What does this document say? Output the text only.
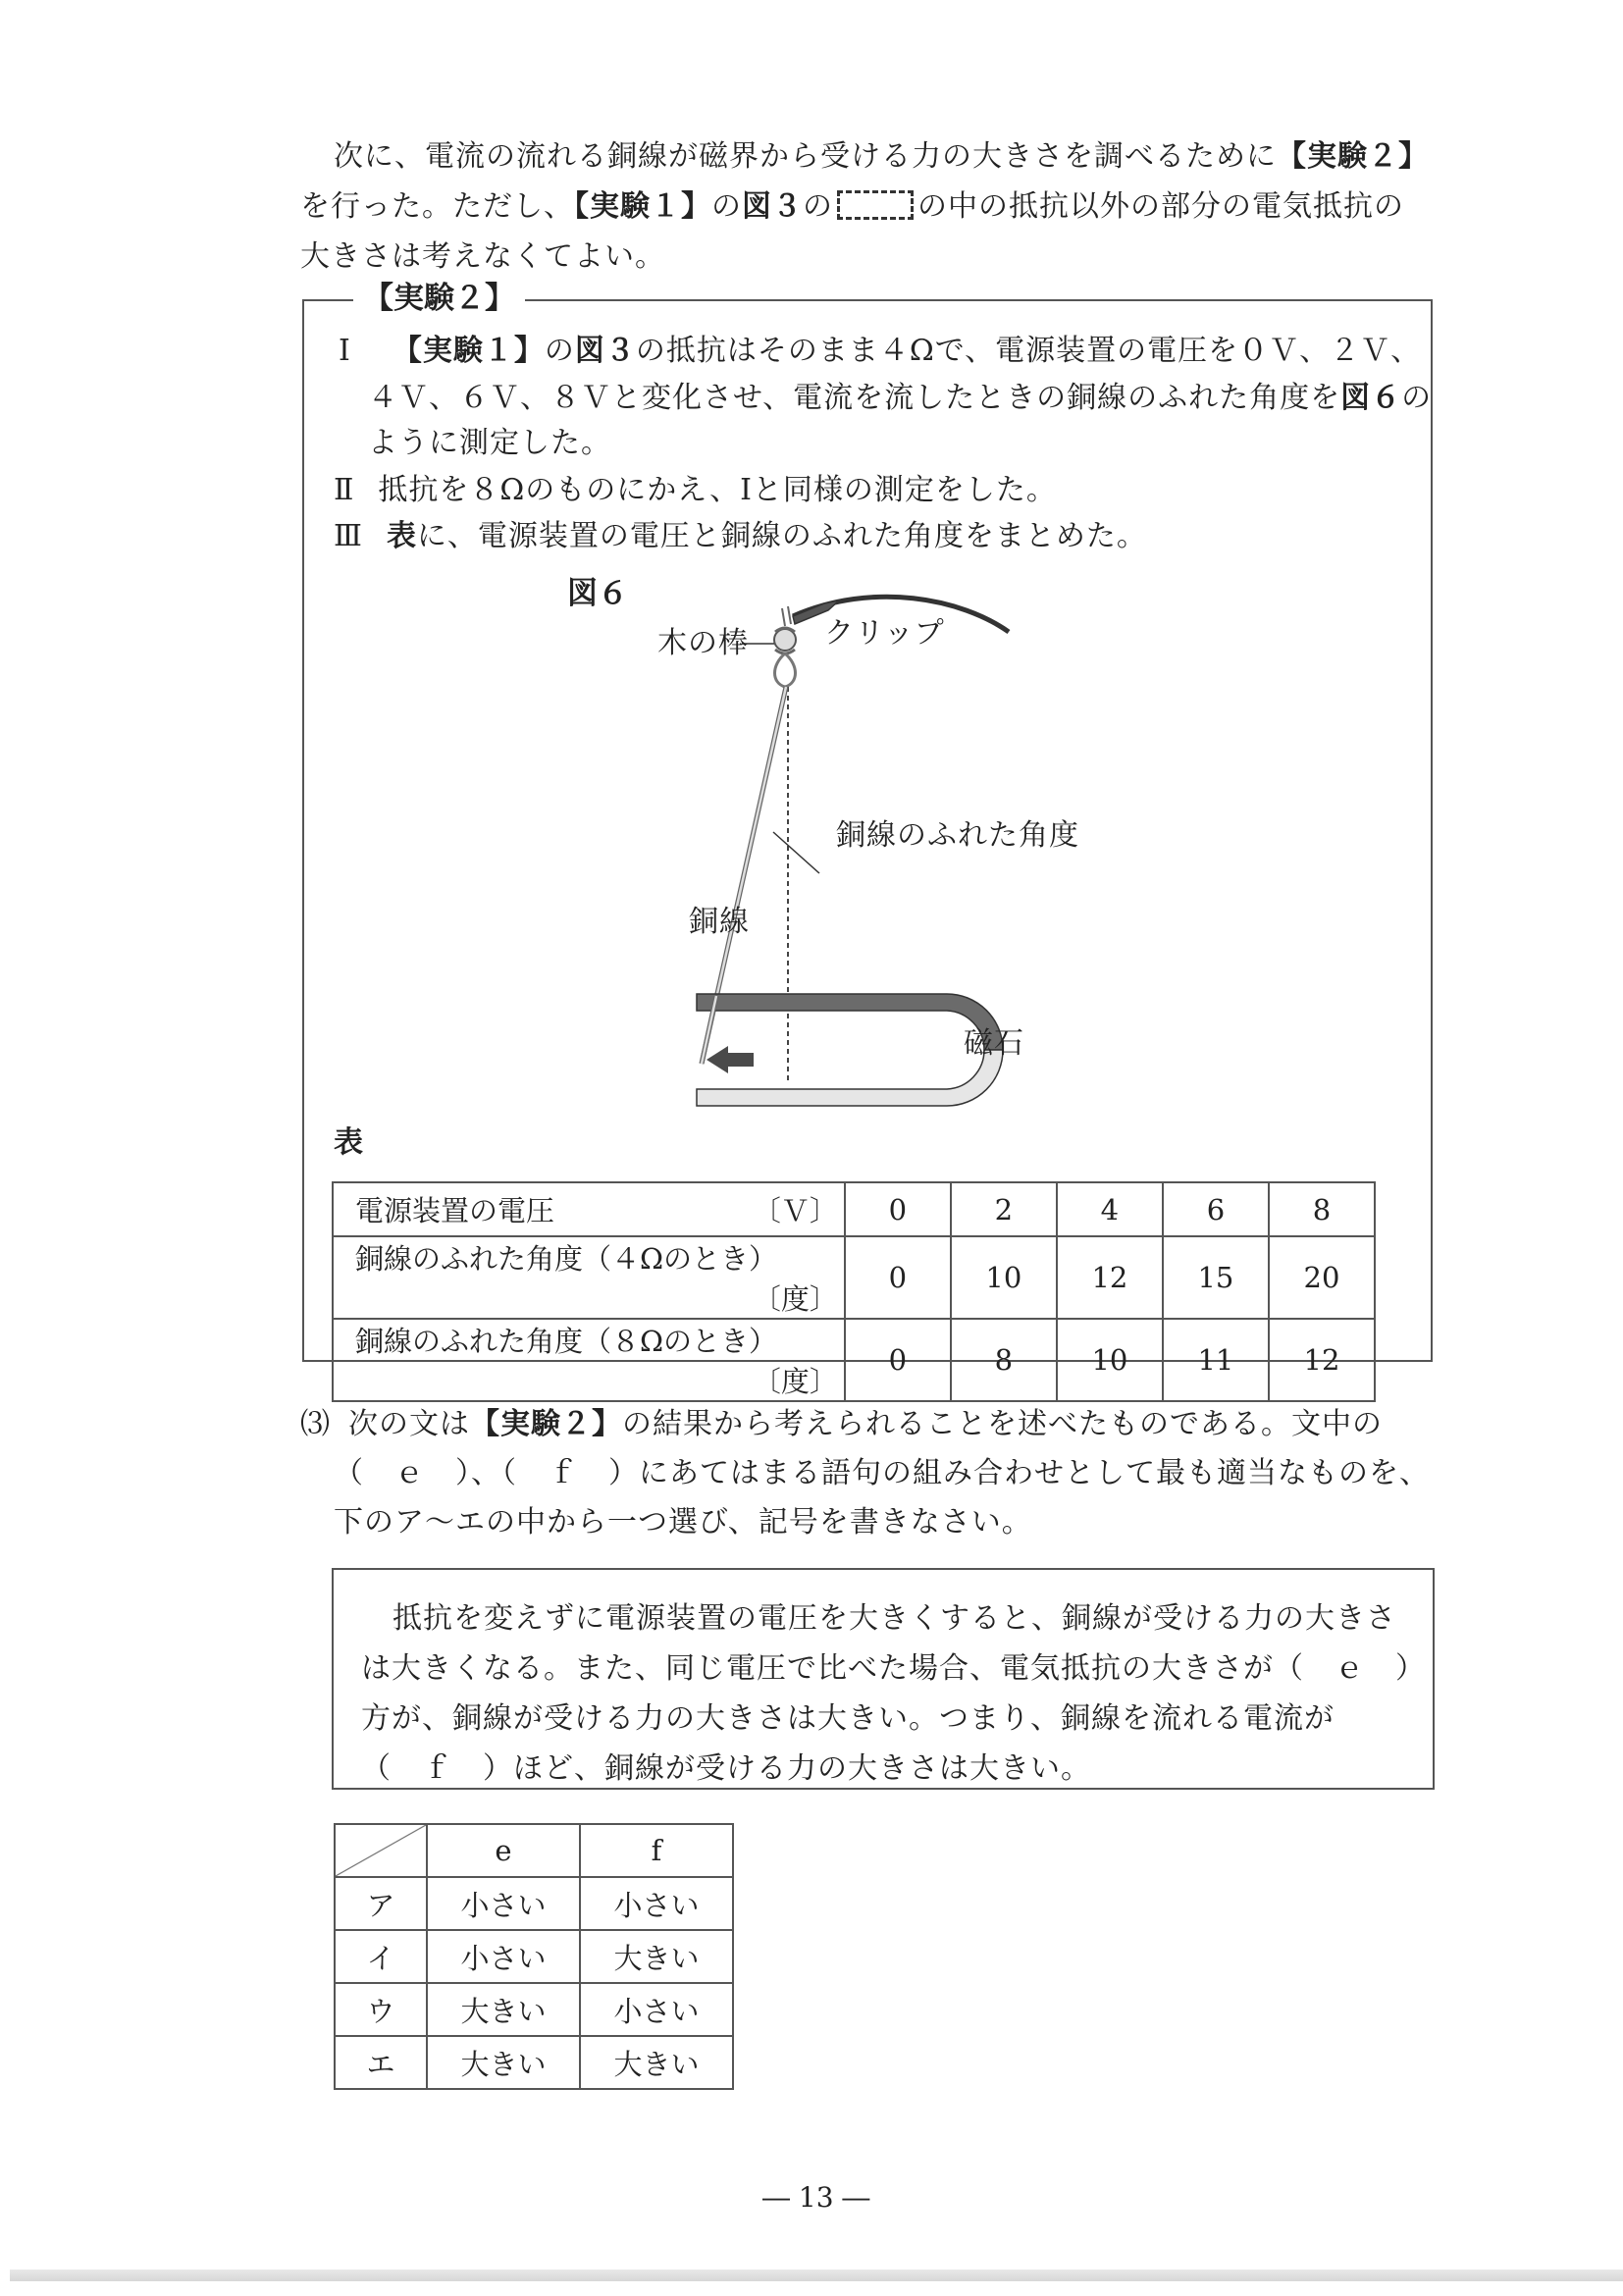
次に、電流の流れる銅線が磁界から受ける力の大きさを調べるために【実験２】
を行った。ただし、【実験１】の図３の	の中の抵抗以外の部分の電気抵抗の
大きさは考えなくてよい。
【実験２】
Ⅰ 【実験１】の図３の抵抗はそのまま４Ωで、電源装置の電圧を０Ｖ、２Ｖ、
４Ｖ、６Ｖ、８Ｖと変化させ、電流を流したときの銅線のふれた角度を図６の
ように測定した。
Ⅱ 抵抗を８Ωのものにかえ、Ⅰと同様の測定をした。
Ⅲ 表に、電源装置の電圧と銅線のふれた角度をまとめた。
図６
木の棒	クリップ
銅線のふれた角度
銅線
磁石
表
電源装置の電圧 〔Ｖ〕	0	2	4	6	8
銅線のふれた角度（４Ωのとき）
〔度〕	0	10	12	15	20
銅線のふれた角度（８Ωのとき）
〔度〕	0	8	10	11	12
⑶ 次の文は【実験２】の結果から考えられることを述べたものである。文中の
（　ｅ　）、（　ｆ　）にあてはまる語句の組み合わせとして最も適当なものを、
下のア～エの中から一つ選び、記号を書きなさい。
抵抗を変えずに電源装置の電圧を大きくすると、銅線が受ける力の大きさ
は大きくなる。また、同じ電圧で比べた場合、電気抵抗の大きさが（　ｅ　）
方が、銅線が受ける力の大きさは大きい。つまり、銅線を流れる電流が
（　ｆ　）ほど、銅線が受ける力の大きさは大きい。
	e	f
ア	小さい	小さい
イ	小さい	大きい
ウ	大きい	小さい
エ	大きい	大きい
― 13 ―
